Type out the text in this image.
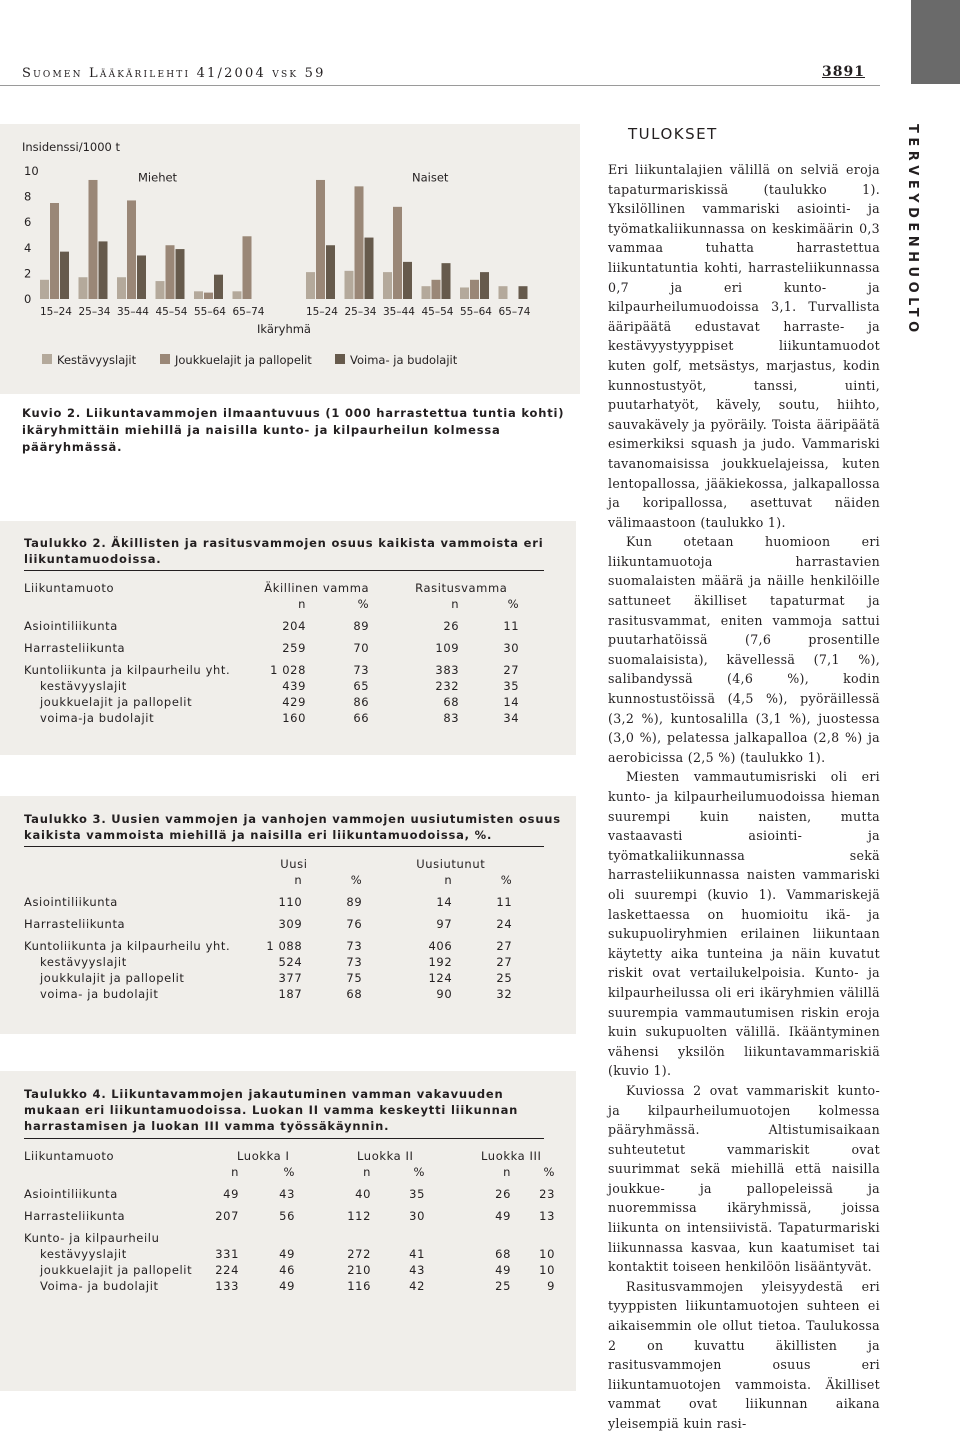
Suomen Lääkärilehti 41/2004 vsk 59	3891
TERVEYDENHUOLTO
Insidenssi/1000 t
0
2
4
6
8
10	Miehet
15–24 25–34 35–44 45–54 55–64 65–74
Naiset
15–24 25–34 35–44 45–54 55–64 65–74
Ikäryhmä
Kestävyyslajit	Joukkuelajit ja pallopelit	Voima- ja budolajit
Kuvio 2. Liikuntavammojen ilmaantuvuus (1 000 harrastettua tuntia kohti) ikäryhmittäin miehillä ja naisilla kunto- ja kilpaurheilun kolmessa pääryhmässä.
Taulukko 2. Äkillisten ja rasitusvammojen osuus kaikista vammoista eri liikuntamuodoissa.
Liikuntamuoto	Äkillinen vamma		Rasitusvamma	
	n	%	n	%
Asiointiliikunta	204	89	26	11
Harrasteliikunta	259	70	109	30
Kuntoliikunta ja kilpaurheilu yht.	1 028	73	383	27
kestävyyslajit	439	65	232	35
joukkuelajit ja pallopelit	429	86	68	14
voima-ja budolajit	160	66	83	34
Taulukko 3. Uusien vammojen ja vanhojen vammojen uusiutumisten osuus kaikista vammoista miehillä ja naisilla eri liikuntamuodoissa, %.
	Uusi		Uusiutunut	
	n	%	n	%
Asiointiliikunta	110	89	14	11
Harrasteliikunta	309	76	97	24
Kuntoliikunta ja kilpaurheilu yht.	1 088	73	406	27
kestävyyslajit	524	73	192	27
joukkulajit ja pallopelit	377	75	124	25
voima- ja budolajit	187	68	90	32
Taulukko 4. Liikuntavammojen jakautuminen vamman vakavuuden mukaan eri liikuntamuodoissa. Luokan II vamma keskeytti liikunnan harrastamisen ja luokan III vamma työssäkäynnin.
Liikuntamuoto	Luokka I		Luokka II		Luokka III	
	n	%	n	%	n	%
Asiointiliikunta	49	43	40	35	26	23
Harrasteliikunta	207	56	112	30	49	13
Kunto- ja kilpaurheilu						
kestävyyslajit	331	49	272	41	68	10
joukkuelajit ja pallopelit	224	46	210	43	49	10
Voima- ja budolajit	133	49	116	42	25	9
TULOKSET

Eri liikuntalajien välillä on selviä eroja tapaturmariskissä (taulukko 1). Yksilöllinen vammariski asiointi- ja työmatkaliikunnassa on keskimäärin 0,3 vammaa tuhatta harrastettua liikuntatuntia kohti, harrasteliikunnassa 0,7 ja eri kunto- ja kilpaurheilumuodoissa 3,1. Turvallista ääripäätä edustavat harraste- ja kestävyystyyppiset liikuntamuodot kuten golf, metsästys, marjastus, kodin kunnostustyöt, tanssi, uinti, puutarhatyöt, kävely, soutu, hiihto, sauvakävely ja pyöräily. Toista ääripäätä esimerkiksi squash ja judo. Vammariski tavanomaisissa joukkuelajeissa, kuten lentopallossa, jääkiekossa, jalkapallossa ja koripallossa, asettuvat näiden välimaastoon (taulukko 1).

Kun otetaan huomioon eri liikuntamuotoja harrastavien suomalaisten määrä ja näille henkilöille sattuneet äkilliset tapaturmat ja rasitusvammat, eniten vammoja sattui puutarhatöissä (7,6 prosentille suomalaisista), kävellessä (7,1 %), salibandyssä (4,6 %), kodin kunnostustöissä (4,5 %), pyöräillessä (3,2 %), kuntosalilla (3,1 %), juostessa (3,0 %), pelatessa jalkapalloa (2,8 %) ja aerobicissa (2,5 %) (taulukko 1).

Miesten vammautumisriski oli eri kunto- ja kilpaurheilumuodoissa hieman suurempi kuin naisten, mutta vastaavasti asiointi- ja työmatkaliikunnassa sekä harrasteliikunnassa naisten vammariski oli suurempi (kuvio 1). Vammariskejä laskettaessa on huomioitu ikä- ja sukupuoliryhmien erilainen liikuntaan käytetty aika tunteina ja näin kuvatut riskit ovat vertailukelpoisia. Kunto- ja kilpaurheilussa oli eri ikäryhmien välillä suurempia vammautumisen riskin eroja kuin sukupuolten välillä. Ikääntyminen vähensi yksilön liikuntavammariskiä (kuvio 1).

Kuviossa 2 ovat vammariskit kunto- ja kilpaurheilumuotojen kolmessa pääryhmässä. Altistumisaikaan suhteutetut vammariskit ovat suurimmat sekä miehillä että naisilla joukkue- ja pallopeleissä ja nuoremmissa ikäryhmissä, joissa liikunta on intensiivistä. Tapaturmariski liikunnassa kasvaa, kun kaatumiset tai kontaktit toiseen henkilöön lisääntyvät.

Rasitusvammojen yleisyydestä eri tyyppisten liikuntamuotojen suhteen ei aikaisemmin ole ollut tietoa. Taulukossa 2 on kuvattu äkillisten ja rasitusvammojen osuus eri liikuntamuotojen vammoista. Äkilliset vammat ovat liikunnan aikana yleisempiä kuin rasi-
